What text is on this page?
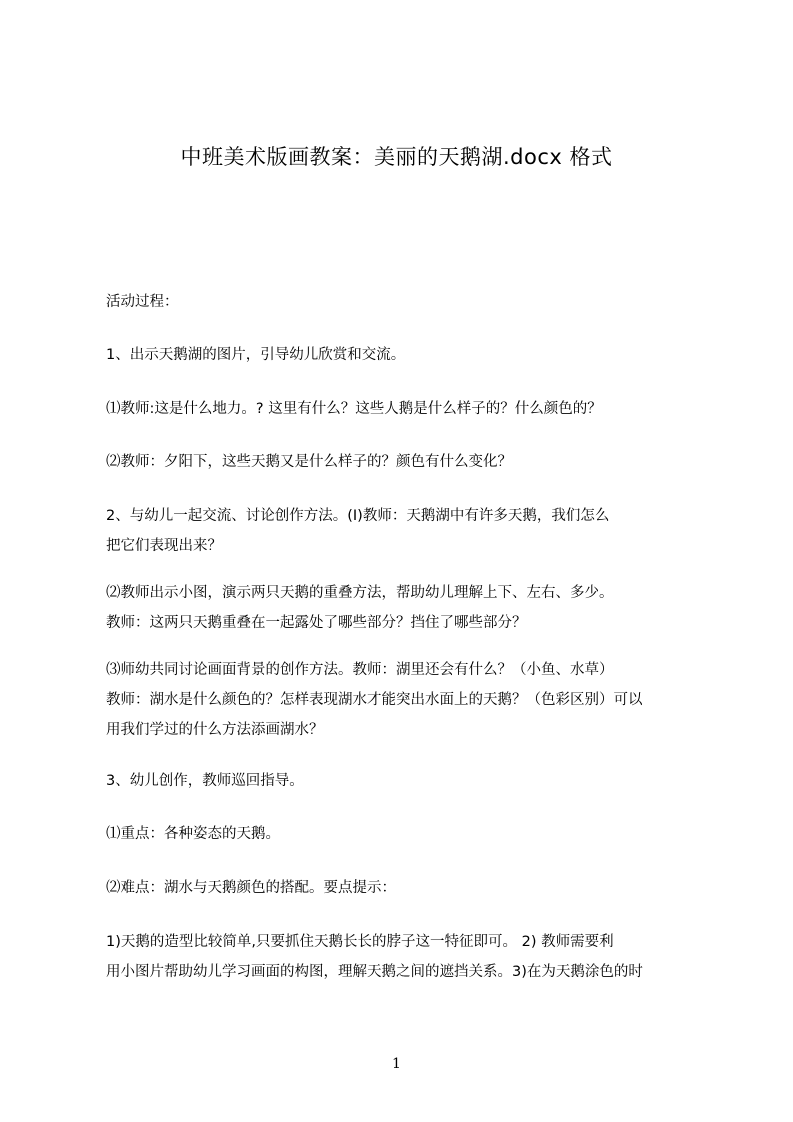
中班美术版画教案：美丽的天鹅湖.docx 格式

活动过程：

1、出示天鹅湖的图片，引导幼儿欣赏和交流。

⑴教师:这是什么地力。? 这里有什么？这些人鹅是什么样子的？什么颜色的？

⑵教师：夕阳下，这些天鹅又是什么样子的？颜色有什么变化？

2、与幼儿一起交流、讨论创作方法。(I)教师：天鹅湖中有许多天鹅，我们怎么
把它们表现出来？

⑵教师出示小图，演示两只天鹅的重叠方法，帮助幼儿理解上下、左右、多少。
教师：这两只天鹅重叠在一起露处了哪些部分？挡住了哪些部分？

⑶师幼共同讨论画面背景的创作方法。教师：湖里还会有什么？（小鱼、水草）
教师：湖水是什么颜色的？怎样表现湖水才能突出水面上的天鹅？（色彩区别）可以
用我们学过的什么方法添画湖水？

3、幼儿创作，教师巡回指导。

⑴重点：各种姿态的天鹅。

⑵难点：湖水与天鹅颜色的搭配。要点提示：

1)天鹅的造型比较简单,只要抓住天鹅长长的脖子这一特征即可。 2) 教师需要利
用小图片帮助幼儿学习画面的构图，理解天鹅之间的遮挡关系。3)在为天鹅涂色的时

1
